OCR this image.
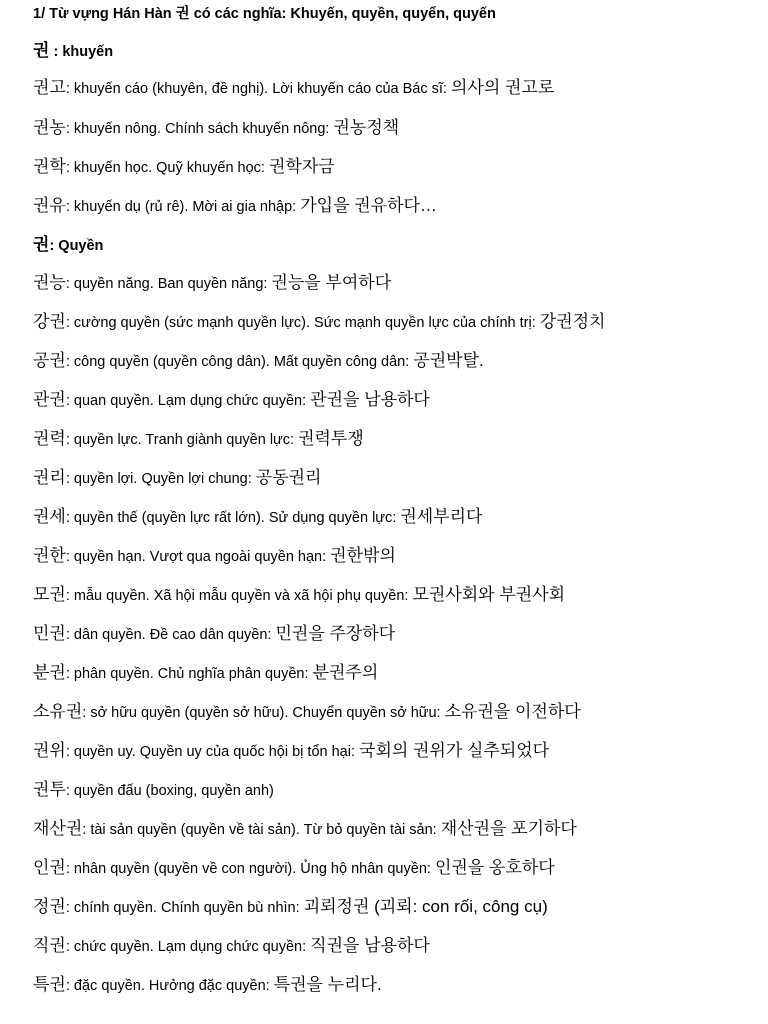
1/ Từ vựng Hán Hàn 권 có các nghĩa: Khuyến, quyền, quyển, quyến
권 : khuyến
권고: khuyến cáo (khuyên, đề nghị). Lời khuyến cáo của Bác sĩ: 의사의 권고로
권농: khuyến nông. Chính sách khuyến nông: 권농정책
권학: khuyến học. Quỹ khuyến học: 권학자금
권유: khuyến dụ (rủ rê). Mời ai gia nhập: 가입을 권유하다…
권: Quyền
권능: quyền năng. Ban quyền năng: 권능을 부여하다
강권: cường quyền (sức mạnh quyền lực). Sức mạnh quyền lực của chính trị: 강권정치
공권: công quyền (quyền công dân). Mất quyền công dân: 공권박탈.
관권: quan quyền. Lạm dụng chức quyền: 관권을 남용하다
권력: quyền lực. Tranh giành quyền lực: 권력투쟁
권리: quyền lợi. Quyền lợi chung: 공동권리
권세: quyền thế (quyền lực rất lớn). Sử dụng quyền lực: 권세부리다
권한: quyền hạn. Vượt qua ngoài quyền hạn: 권한밖의
모권: mẫu quyền. Xã hội mẫu quyền và xã hội phụ quyền: 모권사회와 부권사회
민권: dân quyền. Đề cao dân quyền: 민권을 주장하다
분권: phân quyền. Chủ nghĩa phân quyền: 분권주의
소유권: sở hữu quyền (quyền sở hữu). Chuyển quyền sở hữu: 소유권을 이전하다
권위: quyền uy. Quyền uy của quốc hội bị tổn hại: 국회의 권위가 실추되었다
권투: quyền đấu (boxing, quyền anh)
재산권: tài sản quyền (quyền về tài sản). Từ bỏ quyền tài sản: 재산권을 포기하다
인권: nhân quyền (quyền về con người). Ủng hộ nhân quyền: 인권을 옹호하다
정권: chính quyền. Chính quyền bù nhìn: 괴뢰정권 (괴뢰: con rối, công cụ)
직권: chức quyền. Lạm dụng chức quyền: 직권을 남용하다
특권: đặc quyền. Hưởng đặc quyền: 특권을 누리다.
